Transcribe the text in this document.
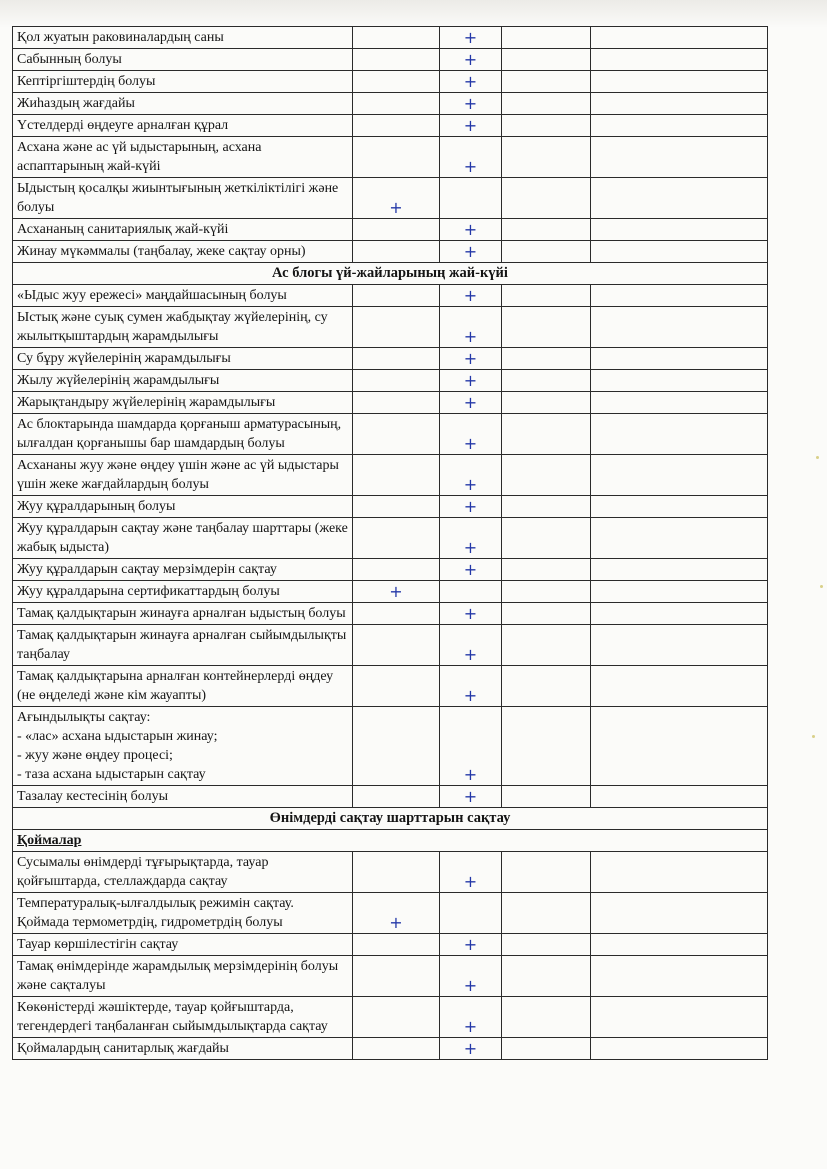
Қол жуатын раковиналардың саны		+		
Сабынның болуы		+		
Кептіргіштердің болуы		+		
Жиһаздың жағдайы		+		
Үстелдерді өңдеуге арналған құрал		+		
Асхана және ас үй ыдыстарының, асхана аспаптарының жай-күйі		+		
Ыдыстың қосалқы жиынтығының жеткіліктілігі және болуы	+			
Асхананың санитариялық жай-күйі		+		
Жинау мүкәммалы (таңбалау, жеке сақтау орны)		+		
Ас блогы үй-жайларының жай-күйі				
«Ыдыс жуу ережесі» маңдайшасының болуы		+		
Ыстық және суық сумен жабдықтау жүйелерінің, су жылытқыштардың жарамдылығы		+		
Су бұру жүйелерінің жарамдылығы		+		
Жылу жүйелерінің жарамдылығы		+		
Жарықтандыру жүйелерінің жарамдылығы		+		
Ас блоктарында шамдарда қорғаныш арматурасының, ылғалдан қорғанышы бар шамдардың болуы		+		
Асхананы жуу және өңдеу үшін және ас үй ыдыстары үшін жеке жағдайлардың болуы		+		
Жуу құралдарының болуы		+		
Жуу құралдарын сақтау және таңбалау шарттары (жеке жабық ыдыста)		+		
Жуу құралдарын сақтау мерзімдерін сақтау		+		
Жуу құралдарына сертификаттардың болуы	+			
Тамақ қалдықтарын жинауға арналған ыдыстың болуы		+		
Тамақ қалдықтарын жинауға арналған сыйымдылықты таңбалау		+		
Тамақ қалдықтарына арналған контейнерлерді өңдеу (не өңделеді және кім жауапты)		+		
Ағындылықты сақтау:
- «лас» асхана ыдыстарын жинау;
- жуу және өңдеу процесі;
- таза асхана ыдыстарын сақтау		+		
Тазалау кестесінің болуы		+		
Өнімдерді сақтау шарттарын сақтау				
Қоймалар				
Сусымалы өнімдерді тұғырықтарда, тауар қойғыштарда, стеллаждарда сақтау		+		
Температуралық-ылғалдылық режимін сақтау. Қоймада термометрдің, гидрометрдің болуы	+			
Тауар көршілестігін сақтау		+		
Тамақ өнімдерінде жарамдылық мерзімдерінің болуы және сақталуы		+		
Көкөністерді жәшіктерде, тауар қойғыштарда, тегендердегі таңбаланған сыйымдылықтарда сақтау		+		
Қоймалардың санитарлық жағдайы		+		
